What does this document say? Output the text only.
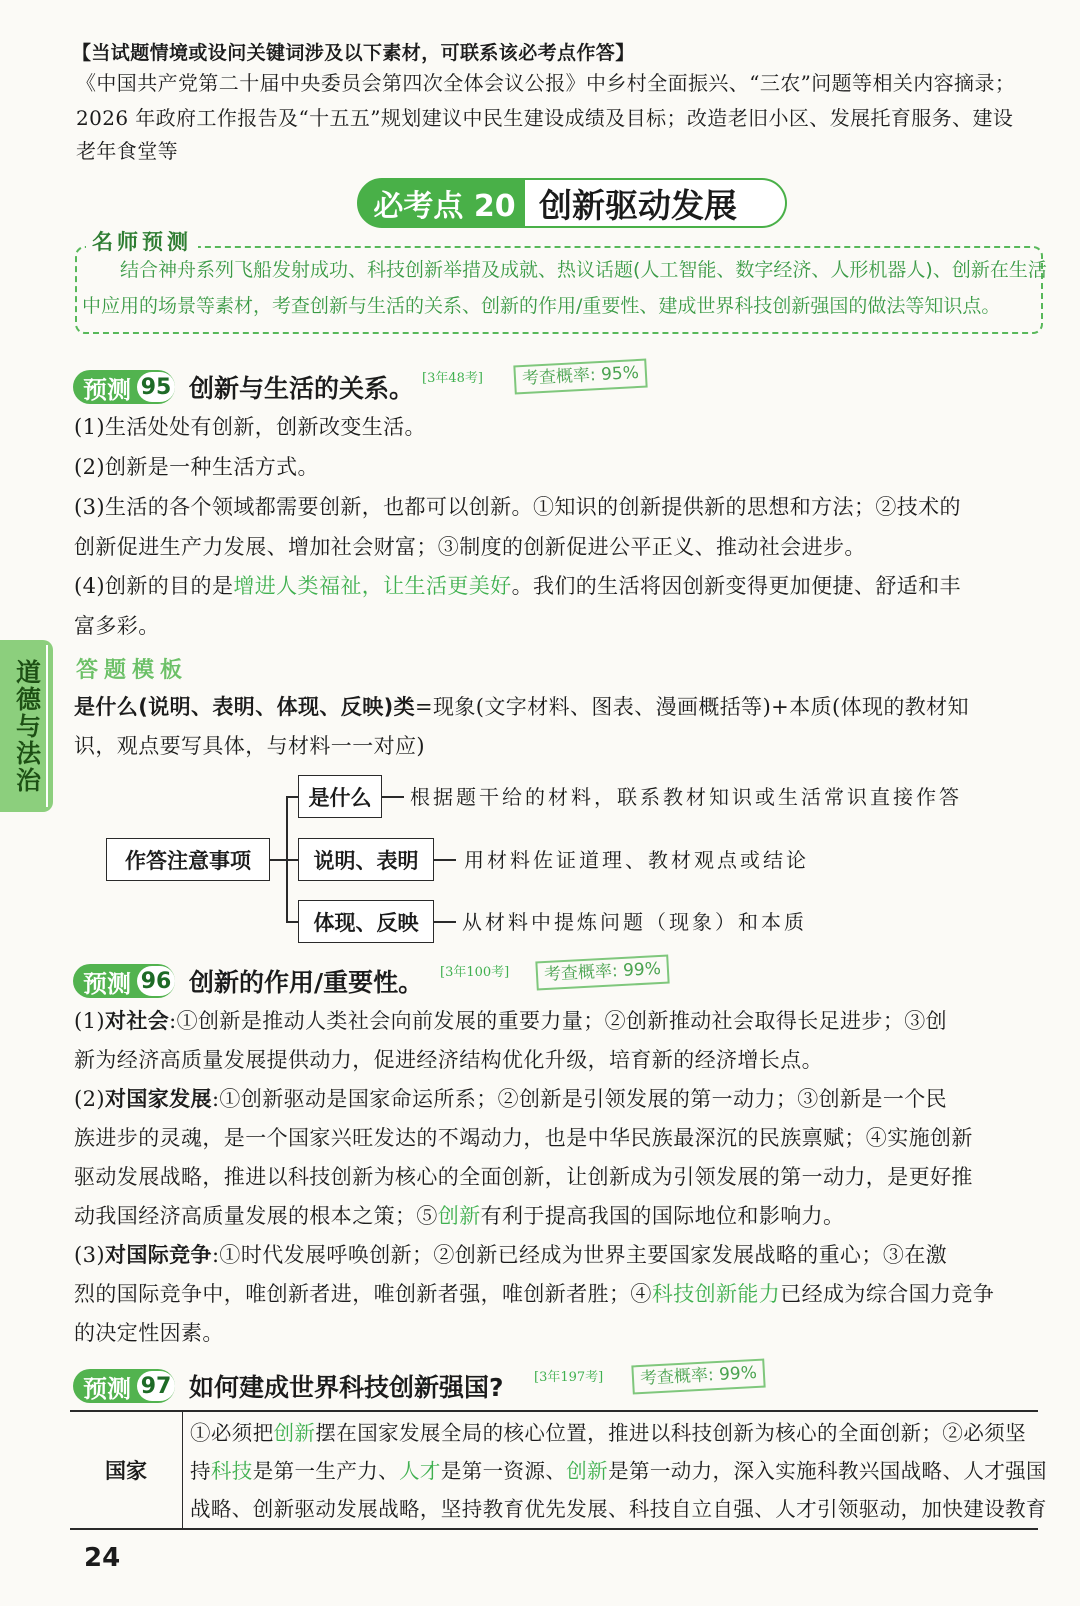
道德与法治
【当试题情境或设问关键词涉及以下素材，可联系该必考点作答】
《中国共产党第二十届中央委员会第四次全体会议公报》中乡村全面振兴、“三农”问题等相关内容摘录；
2026 年政府工作报告及“十五五”规划建议中民生建设成绩及目标；改造老旧小区、发展托育服务、建设
老年食堂等
必考点 20 创新驱动发展
名师预测
结合神舟系列飞船发射成功、科技创新举措及成就、热议话题(人工智能、数字经济、人形机器人)、创新在生活
中应用的场景等素材，考查创新与生活的关系、创新的作用/重要性、建成世界科技创新强国的做法等知识点。
预测 95 创新与生活的关系。 [3年48考]	考查概率: 95%
(1)生活处处有创新，创新改变生活。
(2)创新是一种生活方式。
(3)生活的各个领域都需要创新，也都可以创新。①知识的创新提供新的思想和方法；②技术的
创新促进生产力发展、增加社会财富；③制度的创新促进公平正义、推动社会进步。
(4)创新的目的是增进人类福祉，让生活更美好。我们的生活将因创新变得更加便捷、舒适和丰
富多彩。
答题模板
是什么(说明、表明、体现、反映)类=现象(文字材料、图表、漫画概括等)+本质(体现的教材知
识，观点要写具体，与材料一一对应)
作答注意事项
是什么	根据题干给的材料，联系教材知识或生活常识直接作答
说明、表明	用材料佐证道理、教材观点或结论
体现、反映	从材料中提炼问题（现象）和本质
预测 96 创新的作用/重要性。 [3年100考]	考查概率: 99%
(1)对社会:①创新是推动人类社会向前发展的重要力量；②创新推动社会取得长足进步；③创
新为经济高质量发展提供动力，促进经济结构优化升级，培育新的经济增长点。
(2)对国家发展:①创新驱动是国家命运所系；②创新是引领发展的第一动力；③创新是一个民
族进步的灵魂，是一个国家兴旺发达的不竭动力，也是中华民族最深沉的民族禀赋；④实施创新
驱动发展战略，推进以科技创新为核心的全面创新，让创新成为引领发展的第一动力，是更好推
动我国经济高质量发展的根本之策；⑤创新有利于提高我国的国际地位和影响力。
(3)对国际竞争:①时代发展呼唤创新；②创新已经成为世界主要国家发展战略的重心；③在激
烈的国际竞争中，唯创新者进，唯创新者强，唯创新者胜；④科技创新能力已经成为综合国力竞争
的决定性因素。
预测 97 如何建成世界科技创新强国? [3年197考]	考查概率: 99%
国家
①必须把创新摆在国家发展全局的核心位置，推进以科技创新为核心的全面创新；②必须坚
持科技是第一生产力、人才是第一资源、创新是第一动力，深入实施科教兴国战略、人才强国
战略、创新驱动发展战略，坚持教育优先发展、科技自立自强、人才引领驱动，加快建设教育
24
